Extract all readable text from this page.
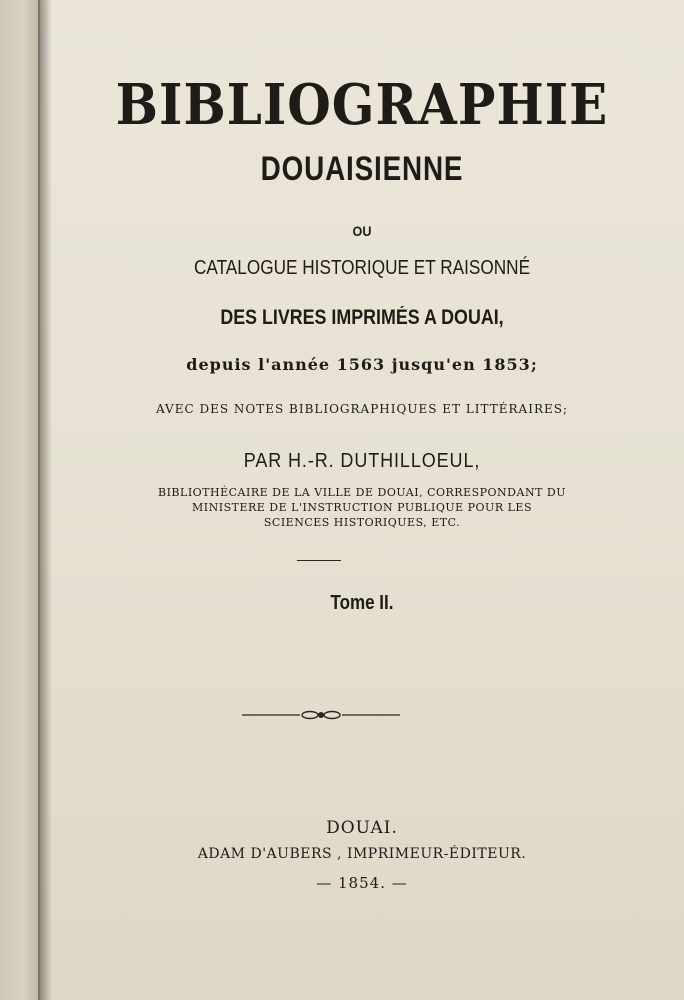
BIBLIOGRAPHIE
DOUAISIENNE
OU
CATALOGUE HISTORIQUE ET RAISONNÉ
DES LIVRES IMPRIMÉS A DOUAI,
depuis l'année 1563 jusqu'en 1853;
AVEC DES NOTES BIBLIOGRAPHIQUES ET LITTÉRAIRES;
PAR H.-R. DUTHILLOEUL,
BIBLIOTHÉCAIRE DE LA VILLE DE DOUAI, CORRESPONDANT DU
MINISTERE DE L'INSTRUCTION PUBLIQUE POUR LES
SCIENCES HISTORIQUES, ETC.
Tome II.
DOUAI.
ADAM D'AUBERS , IMPRIMEUR-ÉDITEUR.
— 1854. —
